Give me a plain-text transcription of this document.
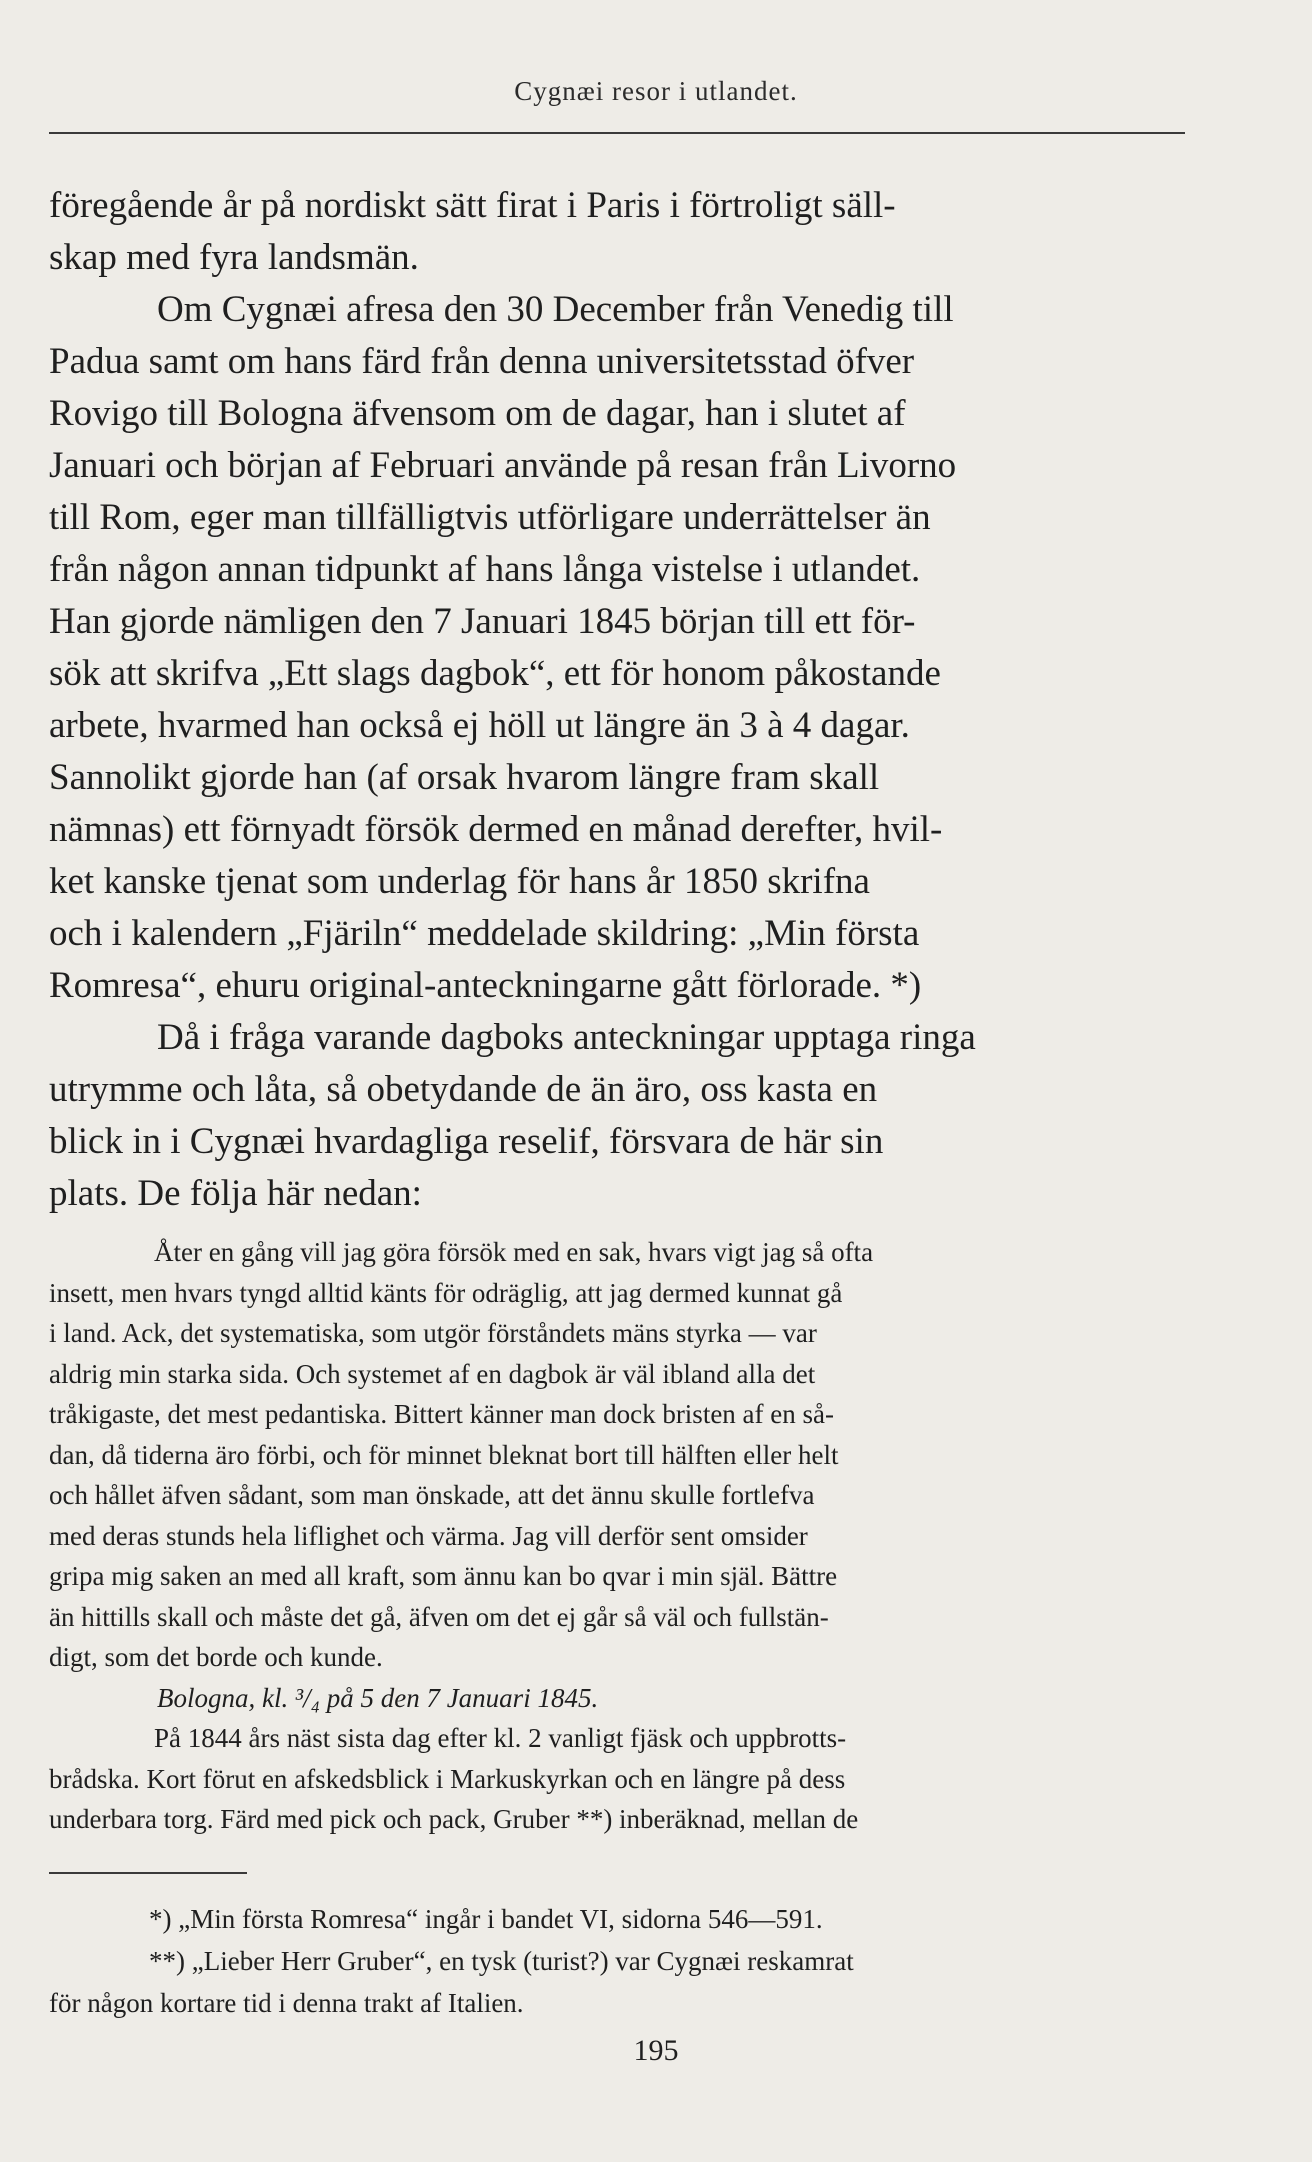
Cygnæi resor i utlandet.
föregående år på nordiskt sätt firat i Paris i förtroligt säll-
skap med fyra landsmän.
Om Cygnæi afresa den 30 December från Venedig till
Padua samt om hans färd från denna universitetsstad öfver
Rovigo till Bologna äfvensom om de dagar, han i slutet af
Januari och början af Februari använde på resan från Livorno
till Rom, eger man tillfälligtvis utförligare underrättelser än
från någon annan tidpunkt af hans långa vistelse i utlandet.
Han gjorde nämligen den 7 Januari 1845 början till ett för-
sök att skrifva „Ett slags dagbok“, ett för honom påkostande
arbete, hvarmed han också ej höll ut längre än 3 à 4 dagar.
Sannolikt gjorde han (af orsak hvarom längre fram skall
nämnas) ett förnyadt försök dermed en månad derefter, hvil-
ket kanske tjenat som underlag för hans år 1850 skrifna
och i kalendern „Fjäriln“ meddelade skildring: „Min första
Romresa“, ehuru original-anteckningarne gått förlorade. *)
Då i fråga varande dagboks anteckningar upptaga ringa
utrymme och låta, så obetydande de än äro, oss kasta en
blick in i Cygnæi hvardagliga reselif, försvara de här sin
plats. De följa här nedan:
Åter en gång vill jag göra försök med en sak, hvars vigt jag så ofta
insett, men hvars tyngd alltid känts för odräglig, att jag dermed kunnat gå
i land. Ack, det systematiska, som utgör förståndets mäns styrka — var
aldrig min starka sida. Och systemet af en dagbok är väl ibland alla det
tråkigaste, det mest pedantiska. Bittert känner man dock bristen af en så-
dan, då tiderna äro förbi, och för minnet bleknat bort till hälften eller helt
och hållet äfven sådant, som man önskade, att det ännu skulle fortlefva
med deras stunds hela liflighet och värma. Jag vill derför sent omsider
gripa mig saken an med all kraft, som ännu kan bo qvar i min själ. Bättre
än hittills skall och måste det gå, äfven om det ej går så väl och fullstän-
digt, som det borde och kunde.
Bologna, kl. ³/₄ på 5 den 7 Januari 1845.
På 1844 års näst sista dag efter kl. 2 vanligt fjäsk och uppbrotts-
brådska. Kort förut en afskedsblick i Markuskyrkan och en längre på dess
underbara torg. Färd med pick och pack, Gruber **) inberäknad, mellan de
*) „Min första Romresa“ ingår i bandet VI, sidorna 546—591.
**) „Lieber Herr Gruber“, en tysk (turist?) var Cygnæi reskamrat
för någon kortare tid i denna trakt af Italien.
195
